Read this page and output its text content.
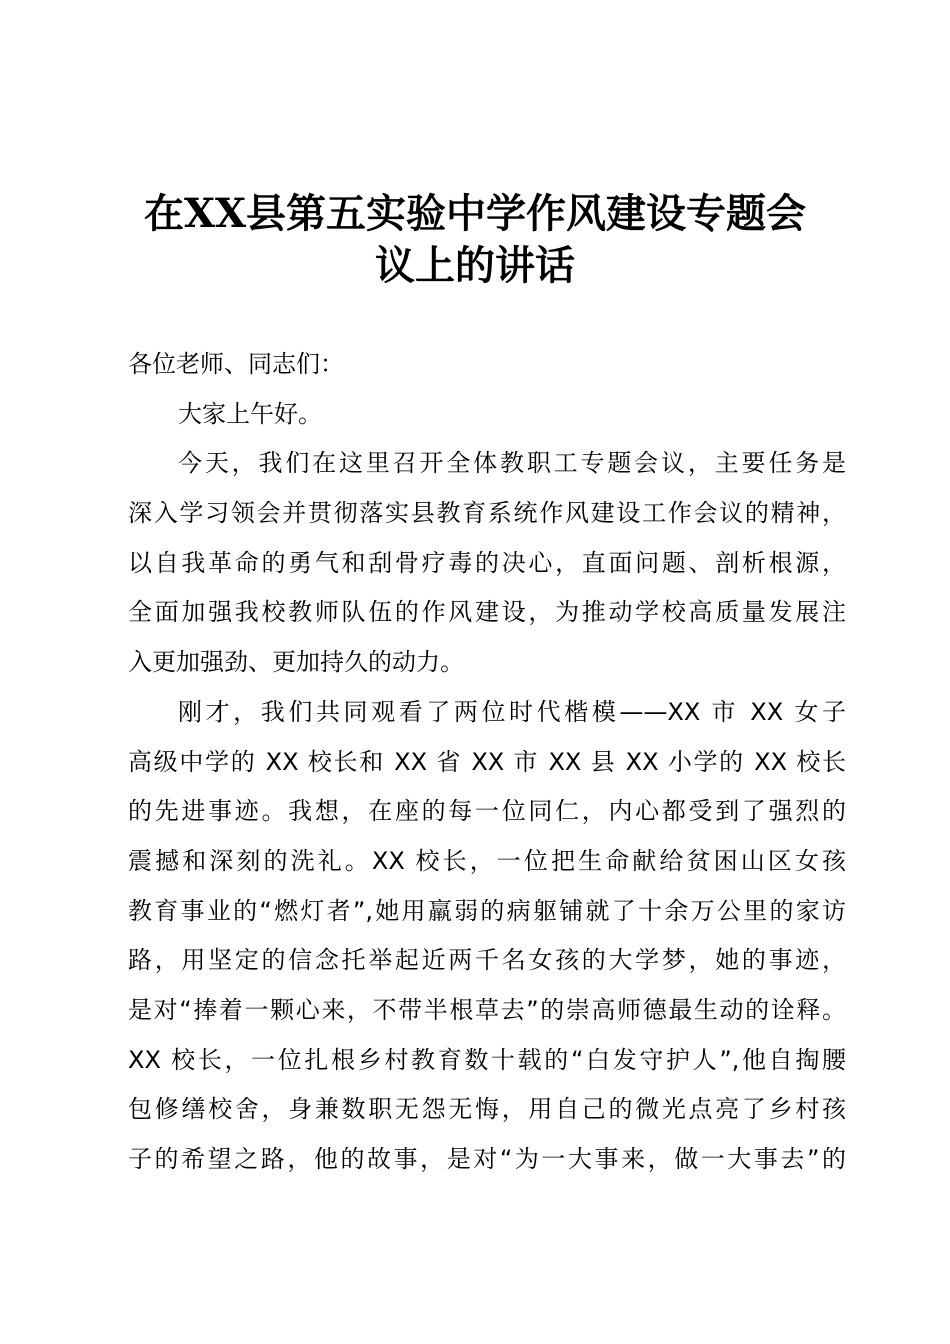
在XX县第五实验中学作风建设专题会
议上的讲话
各位老师、同志们：
大家上午好。
今天，我们在这里召开全体教职工专题会议，主要任务是
深入学习领会并贯彻落实县教育系统作风建设工作会议的精神，
以自我革命的勇气和刮骨疗毒的决心，直面问题、剖析根源，
全面加强我校教师队伍的作风建设，为推动学校高质量发展注
入更加强劲、更加持久的动力。
刚才，我们共同观看了两位时代楷模——XX 市 XX 女子
高级中学的 XX 校长和 XX 省 XX 市 XX 县 XX 小学的 XX 校长
的先进事迹。我想，在座的每一位同仁，内心都受到了强烈的
震撼和深刻的洗礼。XX 校长，一位把生命献给贫困山区女孩
教育事业的“燃灯者”,她用羸弱的病躯铺就了十余万公里的家访
路，用坚定的信念托举起近两千名女孩的大学梦，她的事迹，
是对“捧着一颗心来，不带半根草去”的崇高师德最生动的诠释。
XX 校长，一位扎根乡村教育数十载的“白发守护人”,他自掏腰
包修缮校舍，身兼数职无怨无悔，用自己的微光点亮了乡村孩
子的希望之路，他的故事，是对“为一大事来，做一大事去”的
